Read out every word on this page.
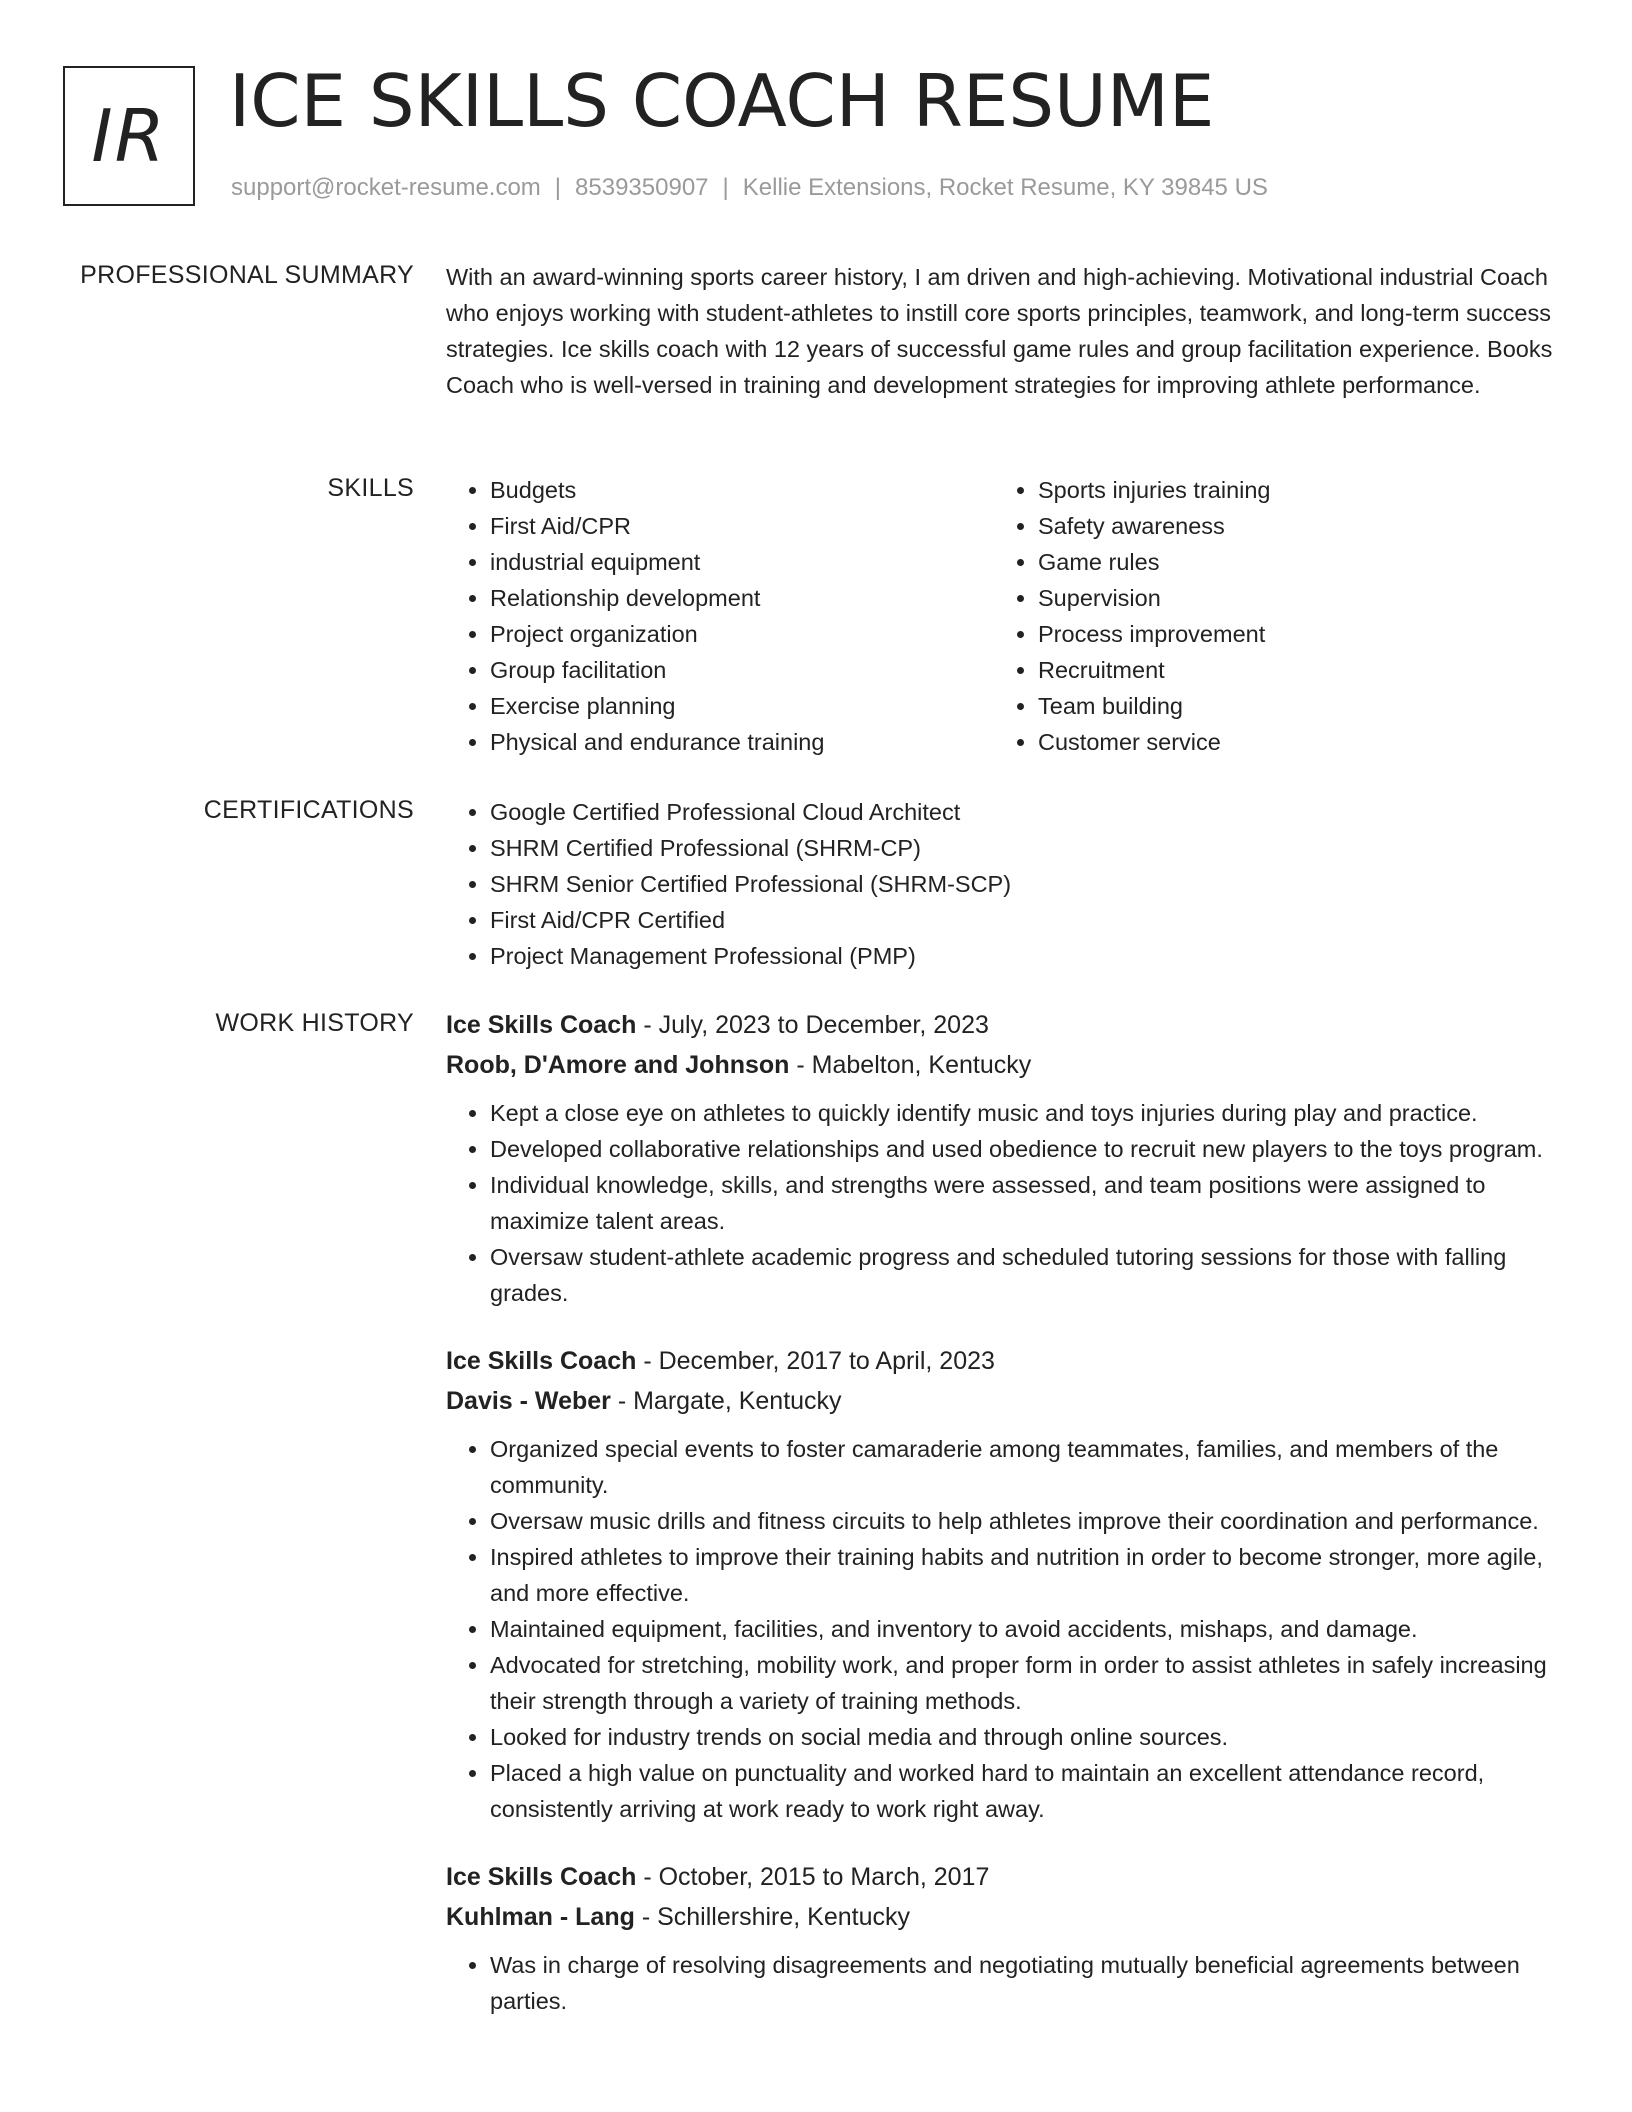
IR ICE SKILLS COACH RESUME
support@rocket-resume.com | 8539350907 | Kellie Extensions, Rocket Resume, KY 39845 US
PROFESSIONAL SUMMARY With an award-winning sports career history, I am driven and high-achieving. Motivational industrial Coach who enjoys working with student-athletes to instill core sports principles, teamwork, and long-term success strategies. Ice skills coach with 12 years of successful game rules and group facilitation experience. Books Coach who is well-versed in training and development strategies for improving athlete performance.

SKILLS	• Budgets
• First Aid/CPR
• industrial equipment
• Relationship development
• Project organization
• Group facilitation
• Exercise planning
• Physical and endurance training
• Sports injuries training
• Safety awareness
• Game rules
• Supervision
• Process improvement
• Recruitment
• Team building
• Customer service
CERTIFICATIONS	• Google Certified Professional Cloud Architect
• SHRM Certified Professional (SHRM-CP)
• SHRM Senior Certified Professional (SHRM-SCP)
• First Aid/CPR Certified
• Project Management Professional (PMP)
WORK HISTORY Ice Skills Coach - July, 2023 to December, 2023
Roob, D'Amore and Johnson - Mabelton, Kentucky
• Kept a close eye on athletes to quickly identify music and toys injuries during play and practice.
• Developed collaborative relationships and used obedience to recruit new players to the toys program.
• Individual knowledge, skills, and strengths were assessed, and team positions were assigned to maximize talent areas.
• Oversaw student-athlete academic progress and scheduled tutoring sessions for those with falling grades.
Ice Skills Coach - December, 2017 to April, 2023
Davis - Weber - Margate, Kentucky
• Organized special events to foster camaraderie among teammates, families, and members of the community.
• Oversaw music drills and fitness circuits to help athletes improve their coordination and performance.
• Inspired athletes to improve their training habits and nutrition in order to become stronger, more agile, and more effective.
• Maintained equipment, facilities, and inventory to avoid accidents, mishaps, and damage.
• Advocated for stretching, mobility work, and proper form in order to assist athletes in safely increasing their strength through a variety of training methods.
• Looked for industry trends on social media and through online sources.
• Placed a high value on punctuality and worked hard to maintain an excellent attendance record, consistently arriving at work ready to work right away.
Ice Skills Coach - October, 2015 to March, 2017
Kuhlman - Lang - Schillershire, Kentucky
• Was in charge of resolving disagreements and negotiating mutually beneficial agreements between parties.
